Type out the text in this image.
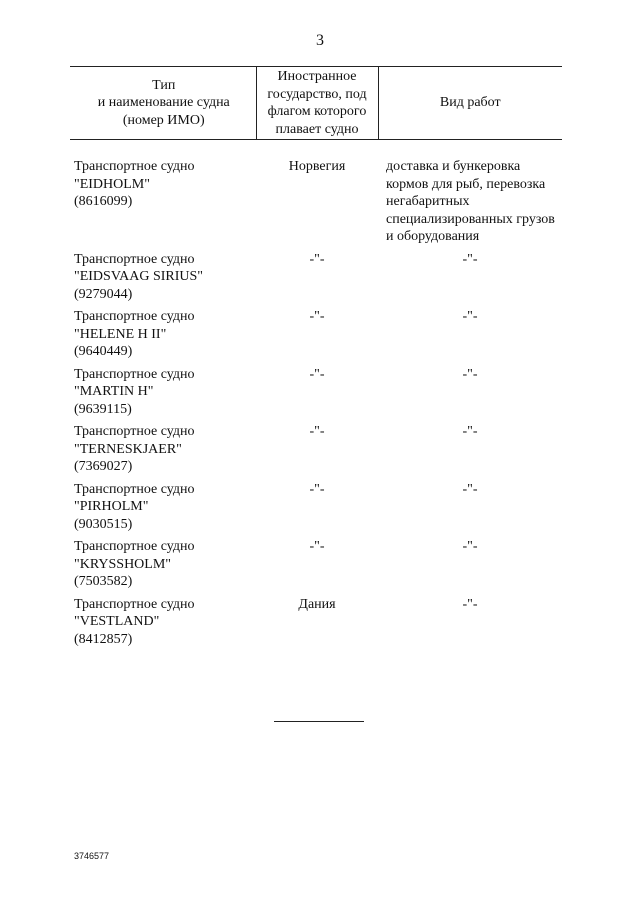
3
Тип
и наименование судна
(номер ИМО)	Иностранное
государство, под
флагом которого
плавает судно	Вид работ

Транспортное судно
"EIDHOLM"
(8616099)	Норвегия	доставка и бункеровка кормов для рыб, перевозка негабаритных специализированных грузов и оборудования

Транспортное судно
"EIDSVAAG SIRIUS"
(9279044)	-"-	-"-

Транспортное судно
"HELENE H II"
(9640449)	-"-	-"-

Транспортное судно
"MARTIN H"
(9639115)	-"-	-"-

Транспортное судно
"TERNESKJAER"
(7369027)	-"-	-"-

Транспортное судно
"PIRHOLM"
(9030515)	-"-	-"-

Транспортное судно
"KRYSSHOLM"
(7503582)	-"-	-"-

Транспортное судно
"VESTLAND"
(8412857)	Дания	-"-
3746577
